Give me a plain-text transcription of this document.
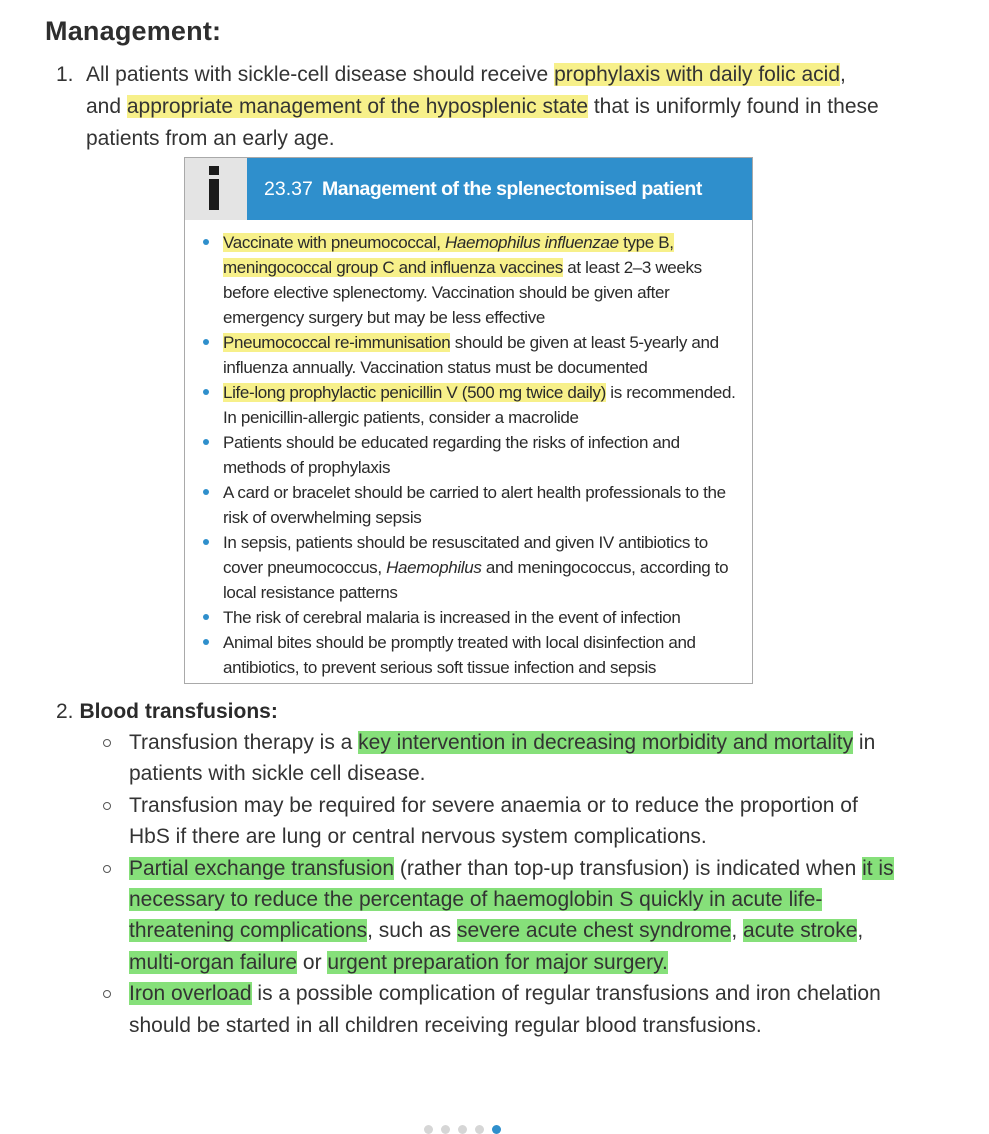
Management:
1. All patients with sickle-cell disease should receive prophylaxis with daily folic acid, and appropriate management of the hyposplenic state that is uniformly found in these patients from an early age.
23.37 Management of the splenectomised patient
Vaccinate with pneumococcal, Haemophilus influenzae type B, meningococcal group C and influenza vaccines at least 2–3 weeks before elective splenectomy. Vaccination should be given after emergency surgery but may be less effective
Pneumococcal re-immunisation should be given at least 5-yearly and influenza annually. Vaccination status must be documented
Life-long prophylactic penicillin V (500 mg twice daily) is recommended. In penicillin-allergic patients, consider a macrolide
Patients should be educated regarding the risks of infection and methods of prophylaxis
A card or bracelet should be carried to alert health professionals to the risk of overwhelming sepsis
In sepsis, patients should be resuscitated and given IV antibiotics to cover pneumococcus, Haemophilus and meningococcus, according to local resistance patterns
The risk of cerebral malaria is increased in the event of infection
Animal bites should be promptly treated with local disinfection and antibiotics, to prevent serious soft tissue infection and sepsis
2. Blood transfusions:
Transfusion therapy is a key intervention in decreasing morbidity and mortality in patients with sickle cell disease.
Transfusion may be required for severe anaemia or to reduce the proportion of HbS if there are lung or central nervous system complications.
Partial exchange transfusion (rather than top-up transfusion) is indicated when it is necessary to reduce the percentage of haemoglobin S quickly in acute life-threatening complications, such as severe acute chest syndrome, acute stroke, multi-organ failure or urgent preparation for major surgery.
Iron overload is a possible complication of regular transfusions and iron chelation should be started in all children receiving regular blood transfusions.
